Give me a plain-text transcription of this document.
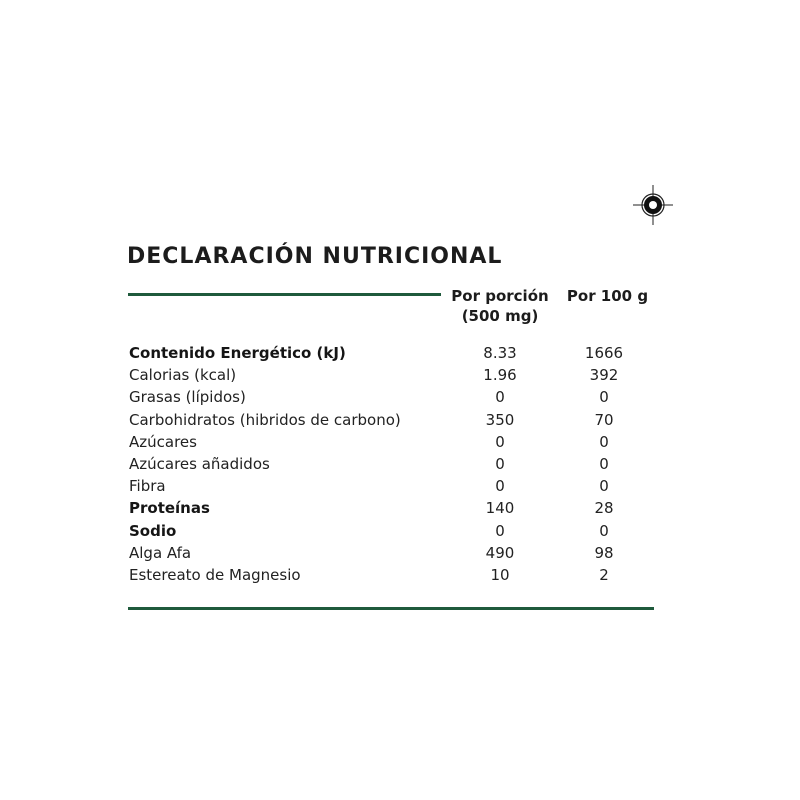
DECLARACIÓN NUTRICIONAL
Por porción
(500 mg)
Por 100 g
Contenido Energético (kJ)	8.33	1666
Calorias (kcal)	1.96	392
Grasas (lípidos)	0	0
Carbohidratos (hibridos de carbono)	350	70
Azúcares	0	0
Azúcares añadidos	0	0
Fibra	0	0
Proteínas	140	28
Sodio	0	0
Alga Afa	490	98
Estereato de Magnesio	10	2
